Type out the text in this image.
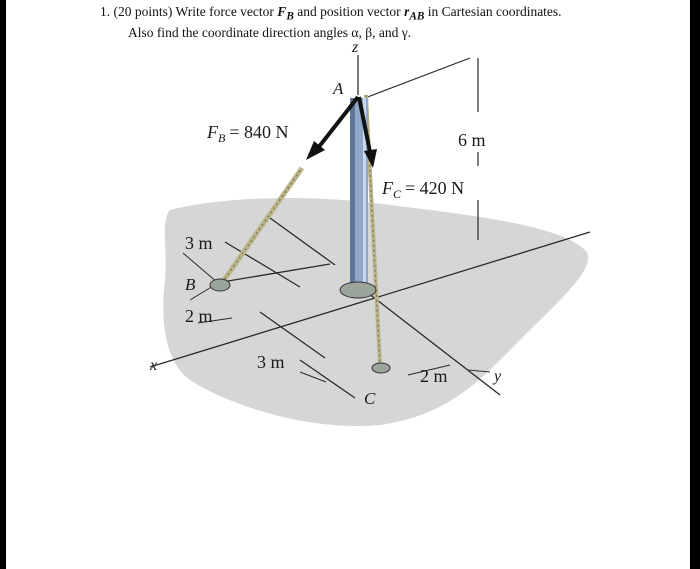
1. (20 points) Write force vector $F_B$ and position vector $r_{AB}$ in Cartesian coordinates.
Also find the coordinate direction angles α, β, and γ.
z
A
$F_B = 840$ N	6 m
$F_C = 420$ N
3 m
B
2 m
x	3 m
2 m	y
C
